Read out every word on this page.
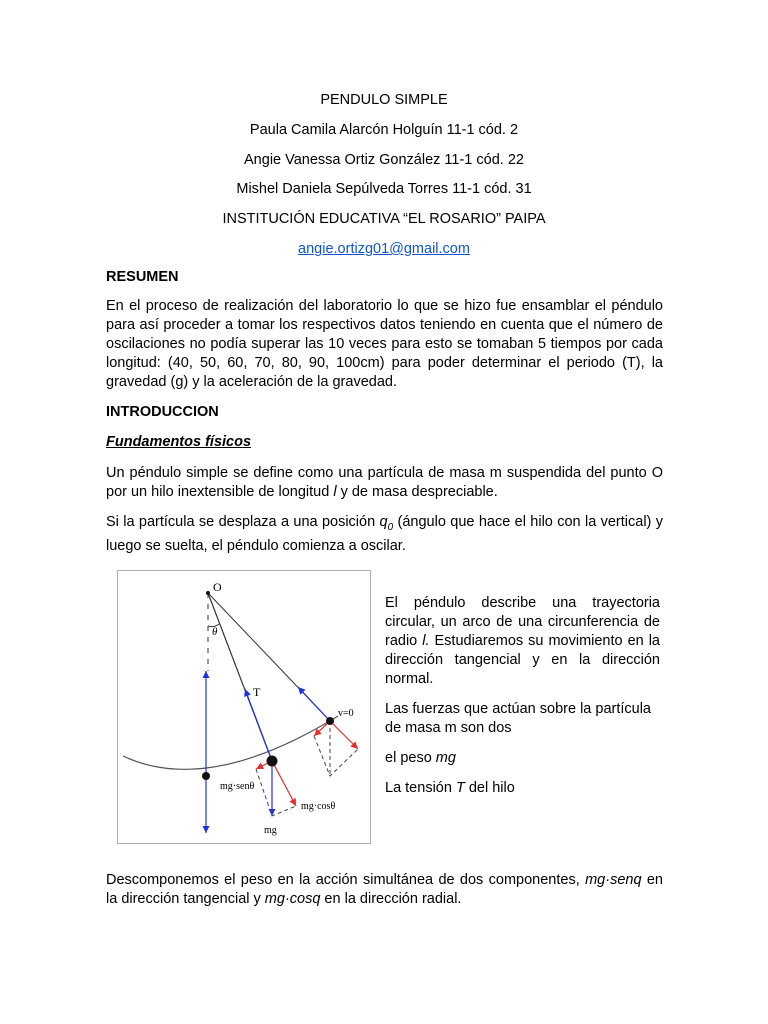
PENDULO SIMPLE
Paula Camila Alarcón Holguín 11-1 cód. 2
Angie Vanessa Ortiz González 11-1 cód. 22
Mishel Daniela Sepúlveda Torres 11-1 cód. 31
INSTITUCIÓN EDUCATIVA “EL ROSARIO” PAIPA
angie.ortizg01@gmail.com
RESUMEN
En el proceso de realización del laboratorio lo que se hizo fue ensamblar el péndulo para así proceder a tomar los respectivos datos teniendo en cuenta que el número de oscilaciones no podía superar las 10 veces para esto se tomaban 5 tiempos por cada longitud: (40, 50, 60, 70, 80, 90, 100cm) para poder determinar el periodo (T), la gravedad (g) y la aceleración de la gravedad.
INTRODUCCION
Fundamentos físicos
Un péndulo simple se define como una partícula de masa m suspendida del punto O por un hilo inextensible de longitud l y de masa despreciable.
Si la partícula se desplaza a una posición $q_0$ (ángulo que hace el hilo con la vertical) y luego se suelta, el péndulo comienza a oscilar.
O
θ
T
v=0
mg·senθ
mg·cosθ
mg
El péndulo describe una trayectoria circular, un arco de una circunferencia de radio l. Estudiaremos su movimiento en la dirección tangencial y en la dirección normal.
Las fuerzas que actúan sobre la partícula de masa m son dos
el peso mg
La tensión T del hilo
Descomponemos el peso en la acción simultánea de dos componentes, mg·senq en la dirección tangencial y mg·cosq en la dirección radial.
